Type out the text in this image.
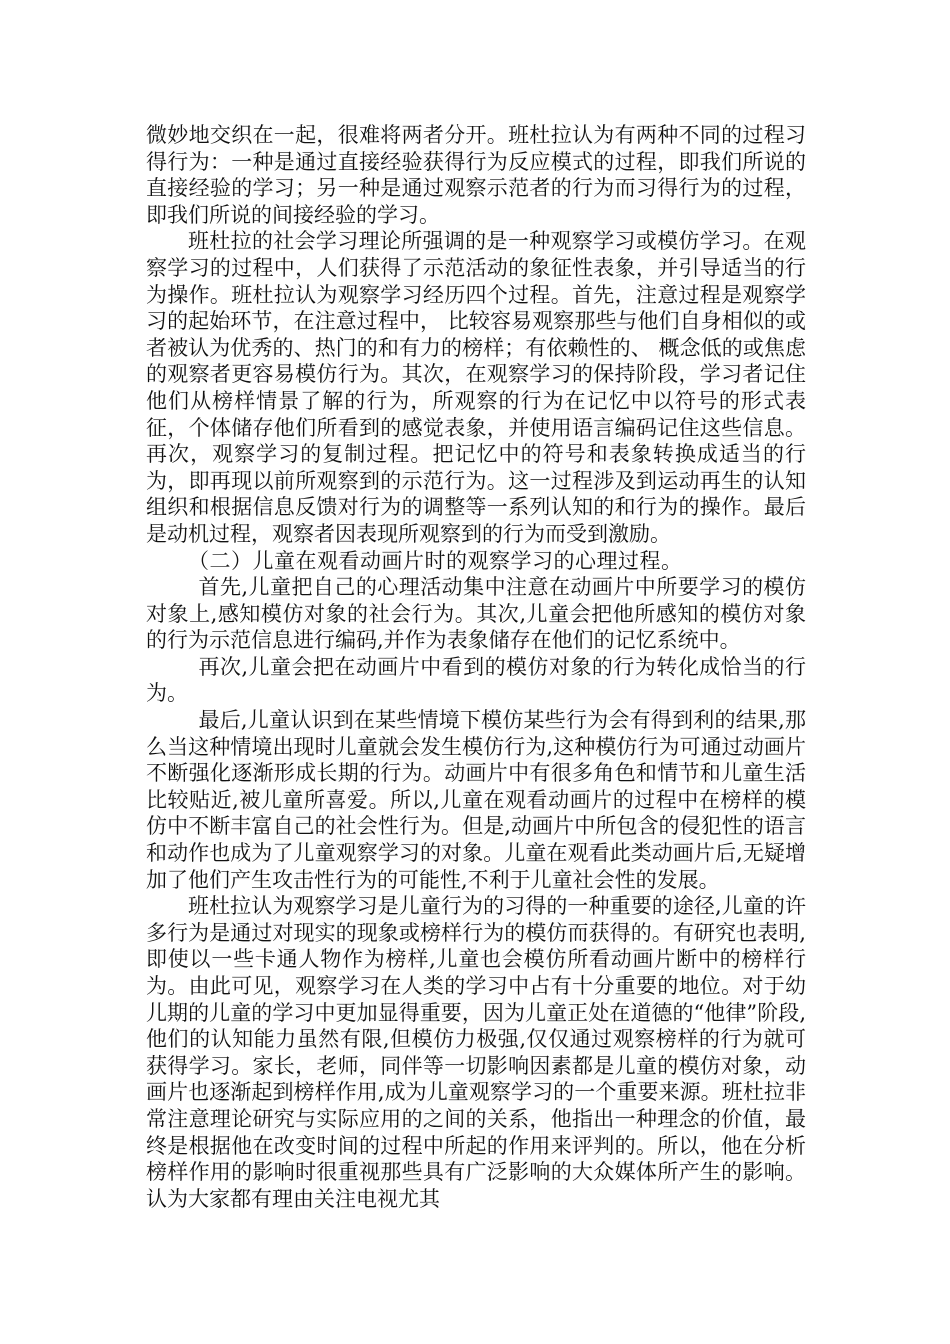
微妙地交织在一起，很难将两者分开。班杜拉认为有两种不同的过程习得行为：一种是通过直接经验获得行为反应模式的过程，即我们所说的直接经验的学习；另一种是通过观察示范者的行为而习得行为的过程，即我们所说的间接经验的学习。

班杜拉的社会学习理论所强调的是一种观察学习或模仿学习。在观察学习的过程中，人们获得了示范活动的象征性表象，并引导适当的行为操作。班杜拉认为观察学习经历四个过程。首先，注意过程是观察学习的起始环节，在注意过程中， 比较容易观察那些与他们自身相似的或者被认为优秀的、热门的和有力的榜样；有依赖性的、 概念低的或焦虑的观察者更容易模仿行为。其次，在观察学习的保持阶段，学习者记住他们从榜样情景了解的行为，所观察的行为在记忆中以符号的形式表征，个体储存他们所看到的感觉表象，并使用语言编码记住这些信息。再次，观察学习的复制过程。把记忆中的符号和表象转换成适当的行为，即再现以前所观察到的示范行为。这一过程涉及到运动再生的认知组织和根据信息反馈对行为的调整等一系列认知的和行为的操作。最后是动机过程，观察者因表现所观察到的行为而受到激励。

（二）儿童在观看动画片时的观察学习的心理过程。

首先,儿童把自己的心理活动集中注意在动画片中所要学习的模仿对象上,感知模仿对象的社会行为。其次,儿童会把他所感知的模仿对象的行为示范信息进行编码,并作为表象储存在他们的记忆系统中。

再次,儿童会把在动画片中看到的模仿对象的行为转化成恰当的行为。

最后,儿童认识到在某些情境下模仿某些行为会有得到利的结果,那么当这种情境出现时儿童就会发生模仿行为,这种模仿行为可通过动画片不断强化逐渐形成长期的行为。动画片中有很多角色和情节和儿童生活比较贴近,被儿童所喜爱。所以,儿童在观看动画片的过程中在榜样的模仿中不断丰富自己的社会性行为。但是,动画片中所包含的侵犯性的语言和动作也成为了儿童观察学习的对象。儿童在观看此类动画片后,无疑增加了他们产生攻击性行为的可能性,不利于儿童社会性的发展。

班杜拉认为观察学习是儿童行为的习得的一种重要的途径,儿童的许多行为是通过对现实的现象或榜样行为的模仿而获得的。有研究也表明,即使以一些卡通人物作为榜样,儿童也会模仿所看动画片断中的榜样行为。由此可见，观察学习在人类的学习中占有十分重要的地位。对于幼儿期的儿童的学习中更加显得重要，因为儿童正处在道德的“他律”阶段,他们的认知能力虽然有限,但模仿力极强,仅仅通过观察榜样的行为就可获得学习。家长，老师，同伴等一切影响因素都是儿童的模仿对象，动画片也逐渐起到榜样作用,成为儿童观察学习的一个重要来源。班杜拉非常注意理论研究与实际应用的之间的关系，他指出一种理念的价值，最终是根据他在改变时间的过程中所起的作用来评判的。所以，他在分析榜样作用的影响时很重视那些具有广泛影响的大众媒体所产生的影响。认为大家都有理由关注电视尤其
